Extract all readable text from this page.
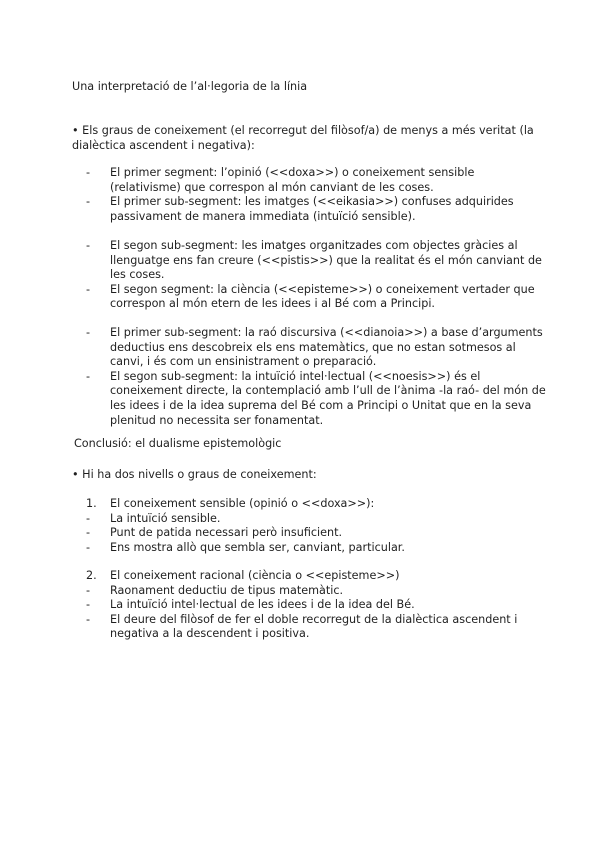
Una interpretació de l’al·legoria de la línia

• Els graus de coneixement (el recorregut del filòsof/a) de menys a més veritat (la dialèctica ascendent i negativa):

- El primer segment: l’opinió (<<doxa>>) o coneixement sensible (relativisme) que correspon al món canviant de les coses.
- El primer sub-segment: les imatges (<<eikasia>>) confuses adquirides passivament de manera immediata (intuïció sensible).
- El segon sub-segment: les imatges organitzades com objectes gràcies al llenguatge ens fan creure (<<pistis>>) que la realitat és el món canviant de les coses.
- El segon segment: la ciència (<<episteme>>) o coneixement vertader que correspon al món etern de les idees i al Bé com a Principi.
- El primer sub-segment: la raó discursiva (<<dianoia>>) a base d’arguments deductius ens descobreix els ens matemàtics, que no estan sotmesos al canvi, i és com un ensinistrament o preparació.
- El segon sub-segment: la intuïció intel·lectual (<<noesis>>) és el coneixement directe, la contemplació amb l’ull de l’ànima -la raó- del món de les idees i de la idea suprema del Bé com a Principi o Unitat que en la seva plenitud no necessita ser fonamentat.

Conclusió: el dualisme epistemològic

• Hi ha dos nivells o graus de coneixement:

1. El coneixement sensible (opinió o <<doxa>>):
- La intuïció sensible.
- Punt de patida necessari però insuficient.
- Ens mostra allò que sembla ser, canviant, particular.
2. El coneixement racional (ciència o <<episteme>>)
- Raonament deductiu de tipus matemàtic.
- La intuïció intel·lectual de les idees i de la idea del Bé.
- El deure del filòsof de fer el doble recorregut de la dialèctica ascendent i negativa a la descendent i positiva.
